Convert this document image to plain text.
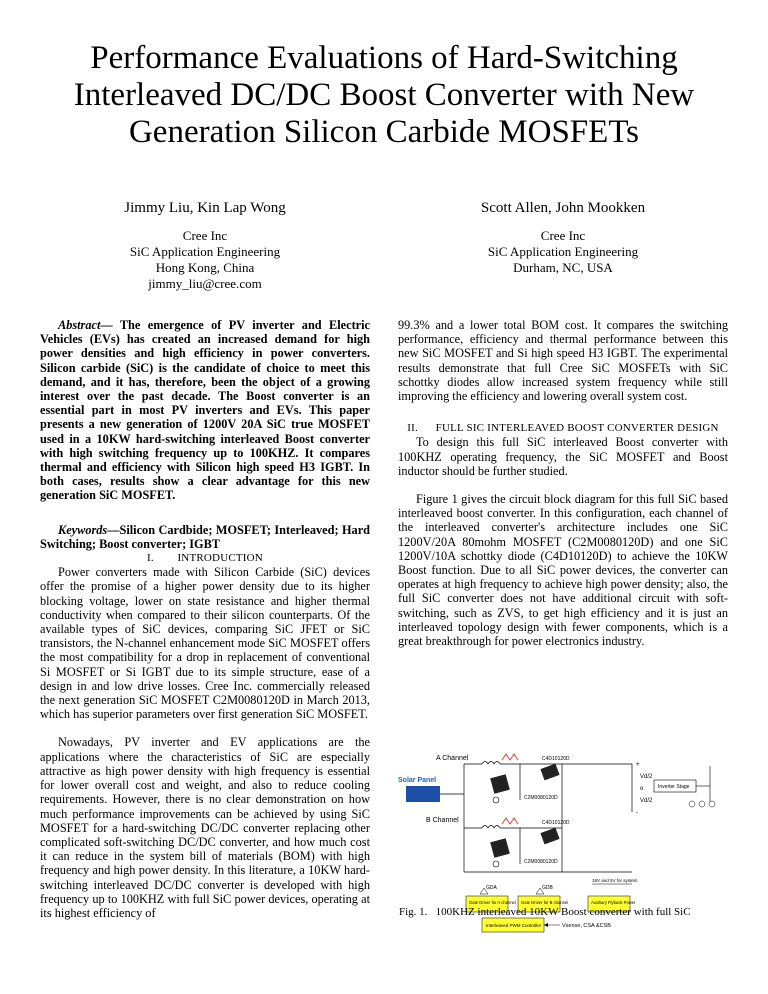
Performance Evaluations of Hard-Switching Interleaved DC/DC Boost Converter with New Generation Silicon Carbide MOSFETs
Jimmy Liu, Kin Lap Wong
Cree Inc
SiC Application Engineering
Hong Kong, China
jimmy_liu@cree.com
Scott Allen, John Mookken
Cree Inc
SiC Application Engineering
Durham, NC, USA

Abstract— The emergence of PV inverter and Electric Vehicles (EVs) has created an increased demand for high power densities and high efficiency in power converters. Silicon carbide (SiC) is the candidate of choice to meet this demand, and it has, therefore, been the object of a growing interest over the past decade. The Boost converter is an essential part in most PV inverters and EVs. This paper presents a new generation of 1200V 20A SiC true MOSFET used in a 10KW hard-switching interleaved Boost converter with high switching frequency up to 100KHZ. It compares thermal and efficiency with Silicon high speed H3 IGBT. In both cases, results show a clear advantage for this new generation SiC MOSFET.

Keywords—Silicon Cardbide; MOSFET; Interleaved; Hard Switching; Boost converter; IGBT

I.        INTRODUCTION

Power converters made with Silicon Carbide (SiC) devices offer the promise of a higher power density due to its higher blocking voltage, lower on state resistance and higher thermal conductivity when compared to their silicon counterparts. Of the available types of SiC devices, comparing SiC JFET or SiC transistors, the N-channel enhancement mode SiC MOSFET offers the most compatibility for a drop in replacement of conventional Si MOSFET or Si IGBT due to its simple structure, ease of a design in and low drive losses. Cree Inc. commercially released the next generation SiC MOSFET C2M0080120D in March 2013, which has superior parameters over first generation SiC MOSFET.

Nowadays, PV inverter and EV applications are the applications where the characteristics of SiC are especially attractive as high power density with high frequency is essential for lower overall cost and weight, and also to reduce cooling requirements. However, there is no clear demonstration on how much performance improvements can be achieved by using SiC MOSFET for a hard-switching DC/DC converter replacing other complicated soft-switching DC/DC converter, and how much cost it can reduce in the system bill of materials (BOM) with high frequency and high power density. In this literature, a 10KW hard-switching interleaved DC/DC converter is developed with high frequency up to 100KHZ with full SiC power devices, operating at its highest efficiency of

99.3% and a lower total BOM cost. It compares the switching performance, efficiency and thermal performance between this new SiC MOSFET and Si high speed H3 IGBT. The experimental results demonstrate that full Cree SiC MOSFETs with SiC schottky diodes allow increased system frequency while still improving the efficiency and lowering overall system cost.

II.      FULL SIC INTERLEAVED BOOST CONVERTER DESIGN

To design this full SiC interleaved Boost converter with 100KHZ operating frequency, the SiC MOSFET and Boost inductor should be further studied.

Figure 1 gives the circuit block diagram for this full SiC based interleaved boost converter. In this configuration, each channel of the interleaved converter's architecture includes one SiC 1200V/20A 80mohm MOSFET (C2M0080120D) and one SiC 1200V/10A schottky diode (C4D10120D) to achieve the 10KW Boost function. Due to all SiC power devices, the converter can operates at high frequency to achieve high power density; also, the full SiC converter does not have additional circuit with soft-switching, such as ZVS, to get high efficiency and it is just an interleaved topology design with fewer components, which is a great breakthrough for power electronics industry.

A Channel
B Channel
Solar Panel
C4D10120D
C2M0080120D
C4D10120D
C2M0080120D
+
Vd/2
o
Vd/2
-
Inverter Stage
18V and 5V for system
GDA	GDB
Gate Driver for A channel Gate Driver for B channel	Auxiliary Flyback Power
Interleaved PWM Controller	Vsense, CSA &CSB
Fig. 1.   100KHZ interleaved 10KW Boost converter with full SiC
